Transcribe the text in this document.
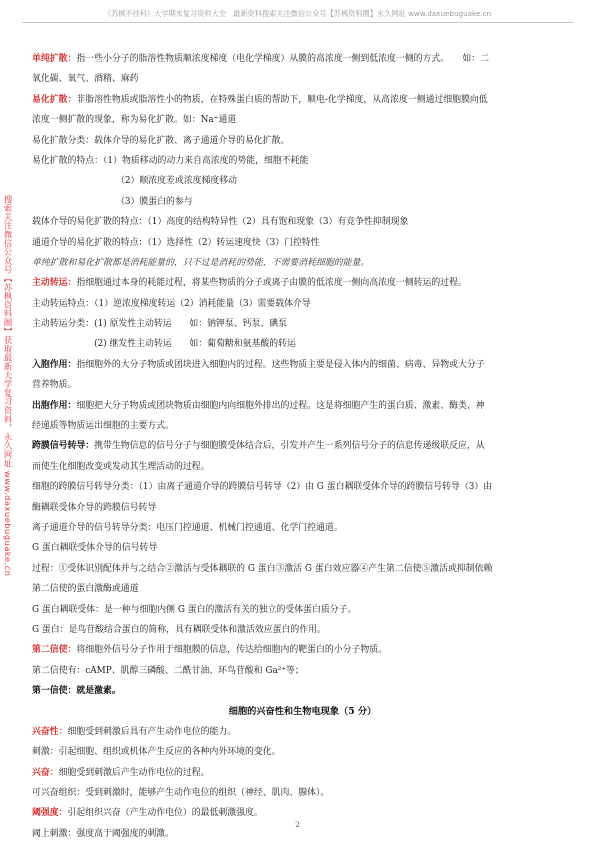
《苏枫不挂科》大学期末复习资料大全　最新资料搜索关注微信公众号【苏枫资料圈】永久网址 www.daxuebuguake.cn
搜索关注微信公众号【苏枫资料圈】获取最新大学复习资料，永久网址 www.daxuebuguake.cn
单纯扩散：指一些小分子的脂溶性物质顺浓度梯度（电化学梯度）从膜的高浓度一侧到低浓度一侧的方式。　　如：二
氧化碳、氧气、酒精、麻药
易化扩散：非脂溶性物质或脂溶性小的物质，在特殊蛋白质的帮助下，顺电-化学梯度，从高浓度一侧通过细胞膜向低
浓度一侧扩散的现象，称为易化扩散。如：Na⁺通道
易化扩散分类：载体介导的易化扩散、离子通道介导的易化扩散。
易化扩散的特点：（1）物质移动的动力来自高浓度的势能，细胞不耗能
（2）顺浓度差或浓度梯度移动
（3）膜蛋白的参与
载体介导的易化扩散的特点：（1）高度的结构特异性（2）具有饱和现象（3）有竞争性抑制现象
通道介导的易化扩散的特点：（1）选择性（2）转运速度快（3）门控特性
单纯扩散和易化扩散都是消耗能量的，只不过是消耗的势能，不需要消耗细胞的能量。
主动转运：指细胞通过本身的耗能过程，将某些物质的分子或离子由膜的低浓度一侧向高浓度一侧转运的过程。
主动转运特点：（1）逆浓度梯度转运（2）消耗能量（3）需要载体介导
主动转运分类：(1) 原发性主动转运　　如：钠钾泵、钙泵、碘泵
　　　　　　　(2) 继发性主动转运　　如：葡萄糖和氨基酸的转运
入胞作用：指细胞外的大分子物质或团块进入细胞内的过程。这些物质主要是侵入体内的细菌、病毒、异物或大分子
营养物质。
出胞作用：细胞把大分子物质或团块物质由细胞内向细胞外排出的过程。这是将细胞产生的蛋白质、激素、酶类、神
经递质等物质运出细胞的主要方式。
跨膜信号转导：携带生物信息的信号分子与细胞膜受体结合后，引发并产生一系列信号分子的信息传递级联反应，从
而使生化细胞改变或发动其生理活动的过程。
细胞的跨膜信号转导分类：（1）由离子通道介导的跨膜信号转导（2）由 G 蛋白耦联受体介导的跨膜信号转导（3）由
酶耦联受体介导的跨膜信号转导
离子通道介导的信号转导分类：电压门控通道、机械门控通道、化学门控通道。
G 蛋白耦联受体介导的信号转导
过程：①受体识别配体并与之结合②激活与受体耦联的 G 蛋白③激活 G 蛋白效应器④产生第二信使⑤激活或抑制依赖
第二信使的蛋白激酶或通道
G 蛋白耦联受体：是一种与细胞内侧 G 蛋白的激活有关的独立的受体蛋白质分子。
G 蛋白：是鸟苷酸结合蛋白的简称，具有耦联受体和激活效应蛋白的作用。
第二信使：将细胞外信号分子作用于细胞膜的信息，传达给细胞内的靶蛋白的小分子物质。
第二信使有：cAMP、肌醇三磷酸、二酰甘油、环鸟苷酸和 Ga²⁺等；
第一信使：就是激素。
细胞的兴奋性和生物电现象（5 分）
兴奋性：细胞受到刺激后具有产生动作电位的能力。
刺激：引起细胞、组织或机体产生反应的各种内外环境的变化。
兴奋：细胞受到刺激后产生动作电位的过程。
可兴奋组织：受到刺激时，能够产生动作电位的组织（神经、肌肉、腺体）。
阈强度：引起组织兴奋（产生动作电位）的最低刺激强度。
阈上刺激：强度高于阈强度的刺激。
2
